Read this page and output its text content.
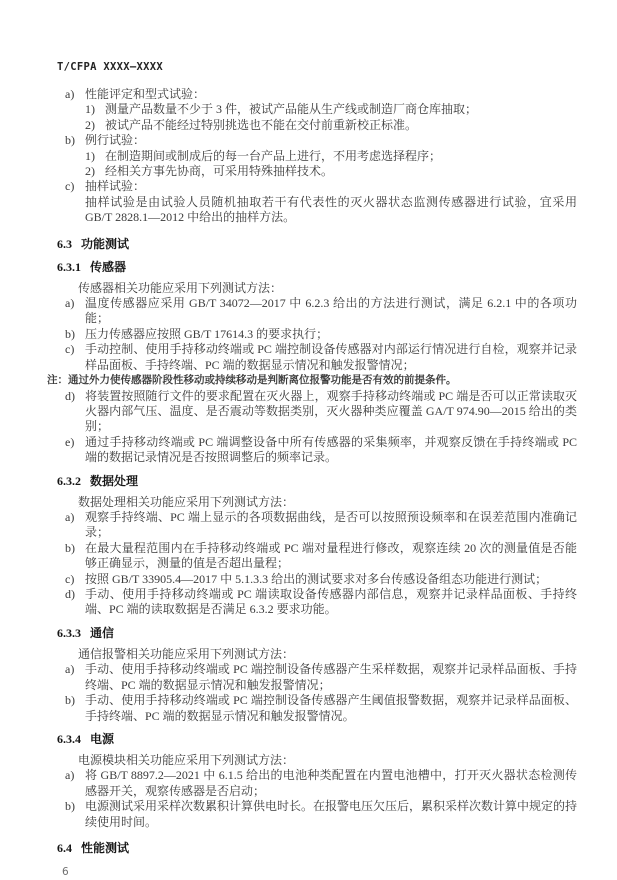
T/CFPA XXXX—XXXX
a) 性能评定和型式试验：
1) 测量产品数量不少于 3 件，被试产品能从生产线或制造厂商仓库抽取；
2) 被试产品不能经过特别挑选也不能在交付前重新校正标准。
b) 例行试验：
1) 在制造期间或制成后的每一台产品上进行，不用考虑选择程序；
2) 经相关方事先协商，可采用特殊抽样技术。
c) 抽样试验：
抽样试验是由试验人员随机抽取若干有代表性的灭火器状态监测传感器进行试验，宜采用 GB/T 2828.1—2012 中给出的抽样方法。
6.3 功能测试
6.3.1 传感器
传感器相关功能应采用下列测试方法：
a) 温度传感器应采用 GB/T 34072—2017 中 6.2.3 给出的方法进行测试，满足 6.2.1 中的各项功能；
b) 压力传感器应按照 GB/T 17614.3 的要求执行；
c) 手动控制、使用手持移动终端或 PC 端控制设备传感器对内部运行情况进行自检，观察并记录样品面板、手持终端、PC 端的数据显示情况和触发报警情况；
注： 通过外力使传感器阶段性移动或持续移动是判断离位报警功能是否有效的前提条件。
d) 将装置按照随行文件的要求配置在灭火器上，观察手持移动终端或 PC 端是否可以正常读取灭火器内部气压、温度、是否震动等数据类别，灭火器种类应覆盖 GA/T 974.90—2015 给出的类别；
e) 通过手持移动终端或 PC 端调整设备中所有传感器的采集频率，并观察反馈在手持终端或 PC 端的数据记录情况是否按照调整后的频率记录。
6.3.2 数据处理
数据处理相关功能应采用下列测试方法：
a) 观察手持终端、PC 端上显示的各项数据曲线，是否可以按照预设频率和在误差范围内准确记录；
b) 在最大量程范围内在手持移动终端或 PC 端对量程进行修改，观察连续 20 次的测量值是否能够正确显示，测量的值是否超出量程；
c) 按照 GB/T 33905.4—2017 中 5.1.3.3 给出的测试要求对多台传感设备组态功能进行测试；
d) 手动、使用手持移动终端或 PC 端读取设备传感器内部信息，观察并记录样品面板、手持终端、PC 端的读取数据是否满足 6.3.2 要求功能。
6.3.3 通信
通信报警相关功能应采用下列测试方法：
a) 手动、使用手持移动终端或 PC 端控制设备传感器产生采样数据，观察并记录样品面板、手持终端、PC 端的数据显示情况和触发报警情况；
b) 手动、使用手持移动终端或 PC 端控制设备传感器产生阈值报警数据，观察并记录样品面板、手持终端、PC 端的数据显示情况和触发报警情况。
6.3.4 电源
电源模块相关功能应采用下列测试方法：
a) 将 GB/T 8897.2—2021 中 6.1.5 给出的电池种类配置在内置电池槽中，打开灭火器状态检测传感器开关，观察传感器是否启动；
b) 电源测试采用采样次数累积计算供电时长。在报警电压欠压后，累积采样次数计算中规定的持续使用时间。
6.4 性能测试
6
